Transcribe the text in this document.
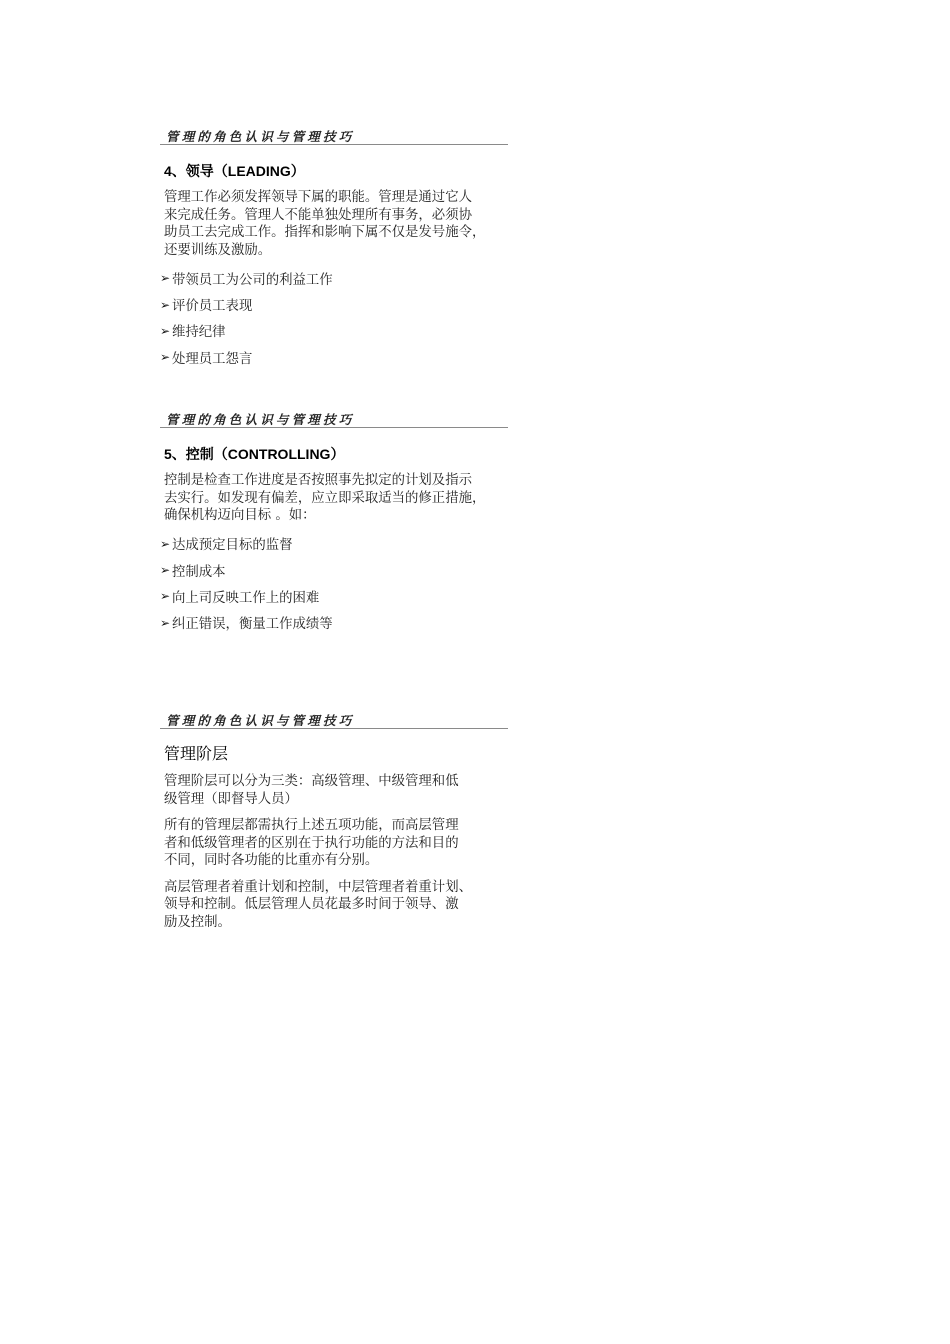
管理的角色认识与管理技巧
4、领导（LEADING）

管理工作必须发挥领导下属的职能。管理是通过它人
来完成任务。管理人不能单独处理所有事务，必须协
助员工去完成工作。指挥和影响下属不仅是发号施令，
还要训练及激励。

➢ 带领员工为公司的利益工作
➢ 评价员工表现
➢ 维持纪律
➢ 处理员工怨言
管理的角色认识与管理技巧
5、控制（CONTROLLING）

控制是检查工作进度是否按照事先拟定的计划及指示
去实行。如发现有偏差，应立即采取适当的修正措施，
确保机构迈向目标 。如：

➢ 达成预定目标的监督
➢ 控制成本
➢ 向上司反映工作上的困难
➢ 纠正错误，衡量工作成绩等
管理的角色认识与管理技巧
管理阶层

管理阶层可以分为三类：高级管理、中级管理和低
级管理（即督导人员）

所有的管理层都需执行上述五项功能，而高层管理
者和低级管理者的区别在于执行功能的方法和目的
不同，同时各功能的比重亦有分别。

高层管理者着重计划和控制，中层管理者着重计划、
领导和控制。低层管理人员花最多时间于领导、激
励及控制。
